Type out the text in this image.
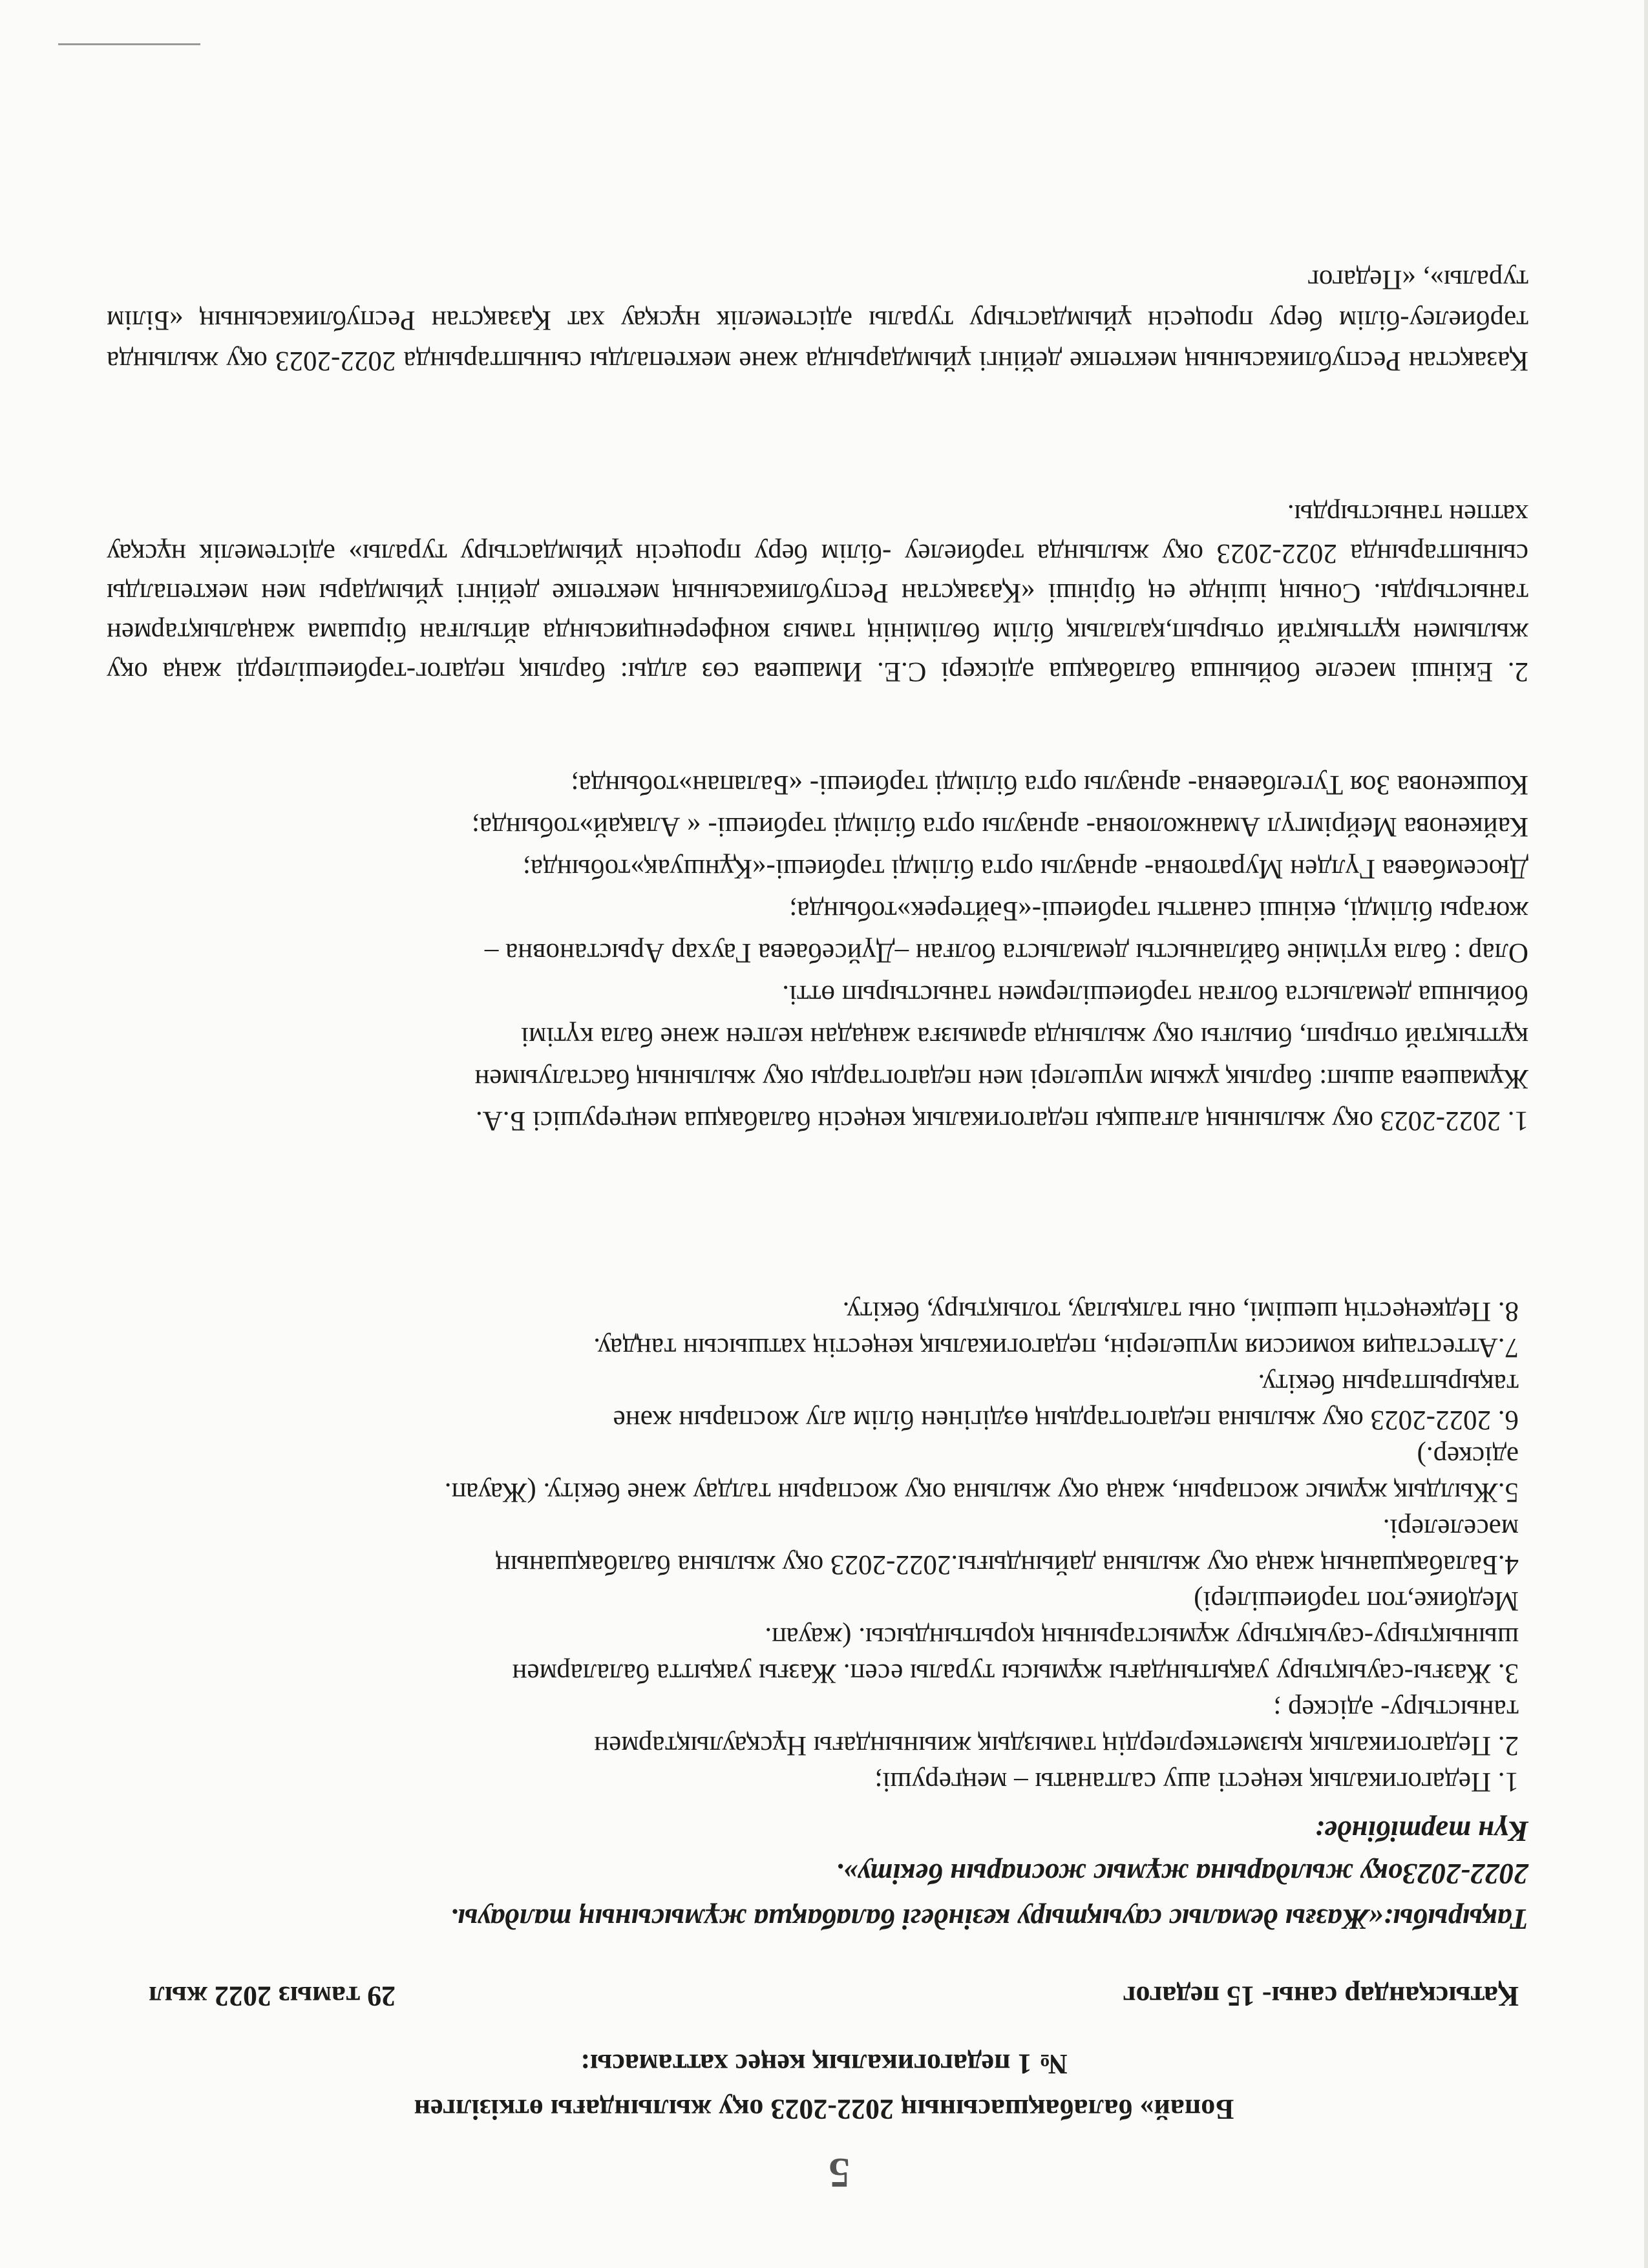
5
Бопай» балабақшасының 2022-2023 оқу жылындағы өткізілген
№ 1 педагогикалық кеңес хаттамасы:
Қатысқандар саны- 15 педагог
29 тамыз 2022 жыл
Тақырыбы:«Жазғы демалыс сауықтыру кезіндегі балабақша жұмысының талдауы.
2022-2023оқу жылдарына жұмыс жоспарын бекіту».
Күн тәртібінде:

1. Педагогикалық кеңесті ашу салтанаты – меңгеруші;

2. Педагогикалық қызметкерлердің тамыздық жиынындағы Нұсқаулықтармен

таныстыру- әдіскер ;

3. Жазғы-сауықтыру уақытындағы жұмысы туралы есеп. Жазғы уақытта балалармен

шынықтыру-сауықтыру жұмыстарының қорытындысы. (жауап.

Медбике,топ тәрбиешілері)

4.Балабақшаның жаңа оқу жылына дайындығы.2022-2023 оқу жылына балабақшаның

мәселелері.

5.Жылдық жұмыс жоспарын, жаңа оқу жылына оқу жоспарын талдау және бекіту. (Жауап.

әдіскер.)

6. 2022-2023 оқу жылына педагогтардың өздігінен білім алу жоспарын және

тақырыптарын бекіту.

7.Аттестация комиссия мүшелерін, педагогикалық кеңестің хатшысын таңдау.

8. Педкеңестің шешімі, оны талқылау, толықтыру, бекіту.

1. 2022-2023 оқу жылының алғашқы педагогикалық кеңесін балабақша меңгерушісі Б.А.

Жұмашева ашып: барлық ұжым мүшелері мен педагогтарды оқу жылының басталуымен

құттықтай отырып, биылғы оқу жылында арамызға жаңадан келген және бала күтімі

бойынша демалыста болған тәрбиешілермен таныстырып өтті.

Олар : бала күтіміне байланысты демалыста болған –Дүйсебаева Гаухар Арыстановна –

жоғары білімді, екінші санатты тәрбиеші-«Бәйтерек»тобында;

Дюсембаева Гүлден Муратовна- арнаулы орта білімді тәрбиеші-«Құншуақ»тобында;

Кайкенова Мейрімгүл Аманжоловна- арнаулы орта білімді тәрбиеші- « Алақай»тобында;

Кошкенова Зоя Тугелбаевна- арнаулы орта білімді тәрбиеші- «Балапан»тобында;

2. Екінші мәселе бойынша балабақша әдіскері С.Е. Имашева сөз алды: барлық педагог-тәрбиешілерді жаңа оқу жылымен құттықтай отырып,қалалық білім бөлімінің тамыз конференциясында айтылған біршама жаңалықтармен таныстырды. Соның ішінде ең біріншi «Қазақстан Республикасының мектепке дейінгі ұйымдары мен мектепалды сыныптарында 2022-2023 оқу жылында тәрбиелеу -білім беру процесін ұйымдастыру туралы» әдістемелік нұсқау хатпен таныстырды.
Қазақстан Республикасының мектепке дейінгі ұйымдарында және мектепалды сыныптарында 2022-2023 оқу жылында тәрбиелеу-білім беру процесін ұйымдастыру туралы әдістемелік нұсқау хат Қазақстан Республикасының «Білім туралы», «Педагог
